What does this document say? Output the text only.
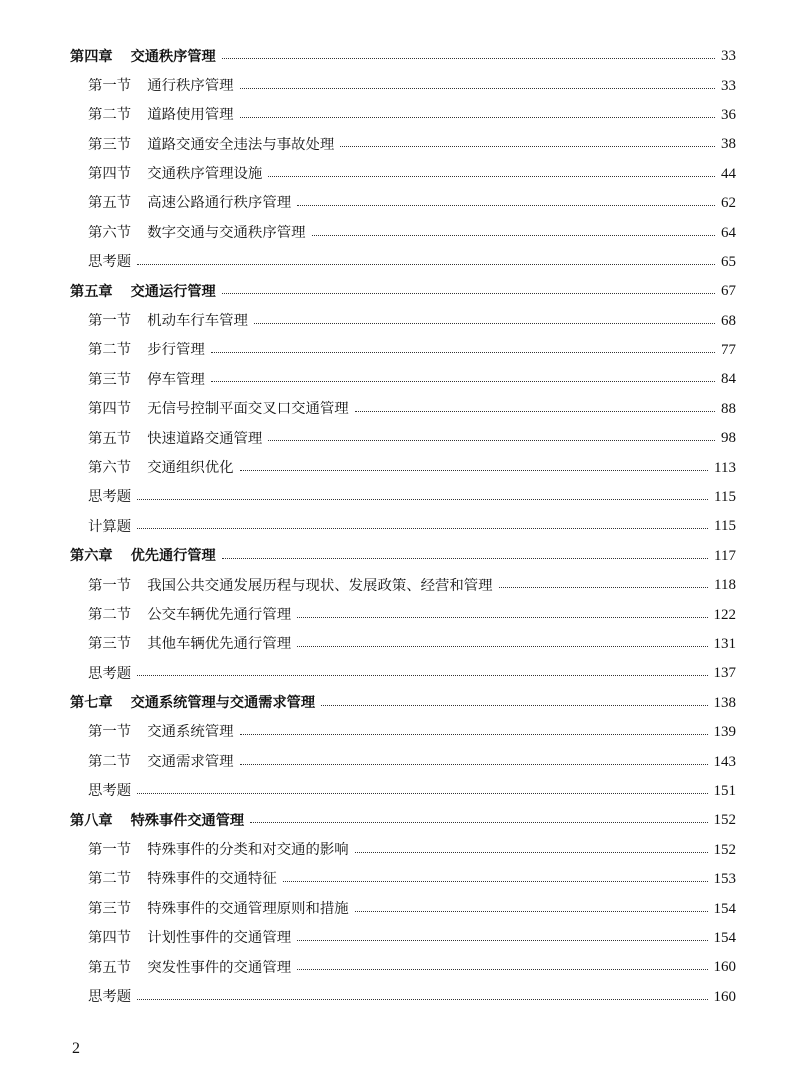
第四章 交通秩序管理	33
第一节 通行秩序管理	33
第二节 道路使用管理	36
第三节 道路交通安全违法与事故处理	38
第四节 交通秩序管理设施	44
第五节 高速公路通行秩序管理	62
第六节 数字交通与交通秩序管理	64
思考题	65
第五章 交通运行管理	67
第一节 机动车行车管理	68
第二节 步行管理	77
第三节 停车管理	84
第四节 无信号控制平面交叉口交通管理	88
第五节 快速道路交通管理	98
第六节 交通组织优化	113
思考题	115
计算题	115
第六章 优先通行管理	117
第一节 我国公共交通发展历程与现状、发展政策、经营和管理	118
第二节 公交车辆优先通行管理	122
第三节 其他车辆优先通行管理	131
思考题	137
第七章 交通系统管理与交通需求管理	138
第一节 交通系统管理	139
第二节 交通需求管理	143
思考题	151
第八章 特殊事件交通管理	152
第一节 特殊事件的分类和对交通的影响	152
第二节 特殊事件的交通特征	153
第三节 特殊事件的交通管理原则和措施	154
第四节 计划性事件的交通管理	154
第五节 突发性事件的交通管理	160
思考题	160
2
